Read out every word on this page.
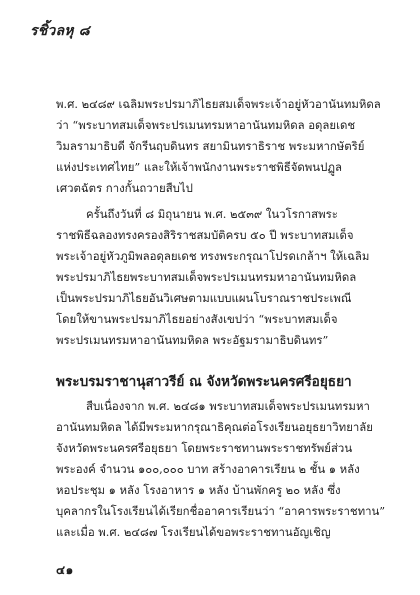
รชิ้วลหุ ๘
พ.ศ. ๒๔๘๙ เฉลิมพระปรมาภิไธยสมเด็จพระเจ้าอยู่หัวอานันทมหิดล
ว่า “พระบาทสมเด็จพระปรเมนทรมหาอานันทมหิดล อดุลยเดช
วิมลรามาธิบดี จักรีนฤบดินทร สยามินทราธิราช พระมหากษัตริย์
แห่งประเทศไทย” และให้เจ้าพนักงานพระราชพิธีจัดพนปฏูล
เศวตฉัตร กางกั้นถวายสืบไป
ครั้นถึงวันที่ ๘ มิถุนายน พ.ศ. ๒๕๓๙ ในวโรกาสพระ
ราชพิธีฉลองทรงครองสิริราชสมบัติครบ ๕๐ ปี พระบาทสมเด็จ
พระเจ้าอยู่หัวภูมิพลอดุลยเดช ทรงพระกรุณาโปรดเกล้าฯ ให้เฉลิม
พระปรมาภิไธยพระบาทสมเด็จพระปรเมนทรมหาอานันทมหิดล
เป็นพระปรมาภิไธยอันวิเศษตามแบบแผนโบราณราชประเพณี
โดยให้ขานพระปรมาภิไธยอย่างสังเขปว่า “พระบาทสมเด็จ
พระปรเมนทรมหาอานันทมหิดล พระอัฐมรามาธิบดินทร”
พระบรมราชานุสาวรีย์ ณ จังหวัดพระนครศรีอยุธยา
สืบเนื่องจาก พ.ศ. ๒๔๘๑ พระบาทสมเด็จพระปรเมนทรมหา
อานันทมหิดล ได้มีพระมหากรุณาธิคุณต่อโรงเรียนอยุธยาวิทยาลัย
จังหวัดพระนครศรีอยุธยา โดยพระราชทานพระราชทรัพย์ส่วน
พระองค์ จำนวน ๑๐๐,๐๐๐ บาท สร้างอาคารเรียน ๒ ชั้น ๑ หลัง
หอประชุม ๑ หลัง โรงอาหาร ๑ หลัง บ้านพักครู ๒๐ หลัง ซึ่ง
บุคลากรในโรงเรียนได้เรียกชื่ออาคารเรียนว่า “อาคารพระราชทาน”
และเมื่อ พ.ศ. ๒๔๘๗ โรงเรียนได้ขอพระราชทานอัญเชิญ
๔๑
